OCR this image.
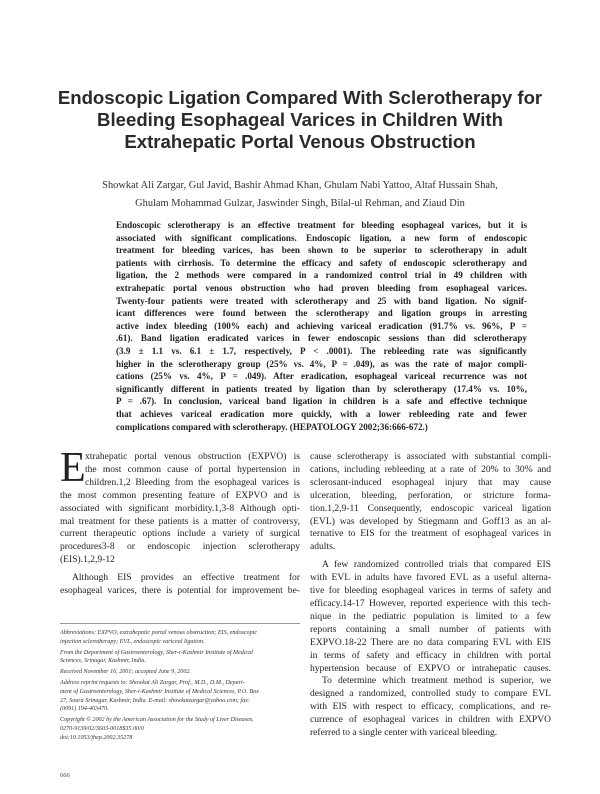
Endoscopic Ligation Compared With Sclerotherapy for
Bleeding Esophageal Varices in Children With
Extrahepatic Portal Venous Obstruction
Showkat Ali Zargar, Gul Javid, Bashir Ahmad Khan, Ghulam Nabi Yattoo, Altaf Hussain Shah,
Ghulam Mohammad Gulzar, Jaswinder Singh, Bilal-ul Rehman, and Ziaud Din
Endoscopic sclerotherapy is an effective treatment for bleeding esophageal varices, but it is
associated with significant complications. Endoscopic ligation, a new form of endoscopic
treatment for bleeding varices, has been shown to be superior to sclerotherapy in adult
patients with cirrhosis. To determine the efficacy and safety of endoscopic sclerotherapy and
ligation, the 2 methods were compared in a randomized control trial in 49 children with
extrahepatic portal venous obstruction who had proven bleeding from esophageal varices.
Twenty-four patients were treated with sclerotherapy and 25 with band ligation. No signif-
icant differences were found between the sclerotherapy and ligation groups in arresting
active index bleeding (100% each) and achieving variceal eradication (91.7% vs. 96%, P =
.61). Band ligation eradicated varices in fewer endoscopic sessions than did sclerotherapy
(3.9 ± 1.1 vs. 6.1 ± 1.7, respectively, P < .0001). The rebleeding rate was significantly
higher in the sclerotherapy group (25% vs. 4%, P = .049), as was the rate of major compli-
cations (25% vs. 4%, P = .049). After eradication, esophageal variceal recurrence was not
significantly different in patients treated by ligation than by sclerotherapy (17.4% vs. 10%,
P = .67). In conclusion, variceal band ligation in children is a safe and effective technique
that achieves variceal eradication more quickly, with a lower rebleeding rate and fewer
complications compared with sclerotherapy. (HEPATOLOGY 2002;36:666-672.)
E xtrahepatic portal venous obstruction (EXPVO) is
the most common cause of portal hypertension in
children.1,2 Bleeding from the esophageal varices is
the most common presenting feature of EXPVO and is
associated with significant morbidity.1,3-8 Although opti-
mal treatment for these patients is a matter of controversy,
current therapeutic options include a variety of surgical
procedures3-8 or endoscopic injection sclerotherapy
(EIS).1,2,9-12
Although EIS provides an effective treatment for
esophageal varices, there is potential for improvement be-
Abbreviations: EXPVO, extrahepatic portal venous obstruction; EIS, endoscopic
injection sclerotherapy; EVL, endoscopic variceal ligation.
From the Department of Gastroenterology, Sher-i-Kashmir Institute of Medical
Sciences, Srinagar, Kashmir, India.
Received November 16, 2001; accepted June 9, 2002.
Address reprint requests to: Showkat Ali Zargar, Prof., M.D., D.M., Depart-
ment of Gastroenterology, Sher-i-Kashmir Institute of Medical Sciences, P.O. Box
27, Soura Srinagar, Kashmir, India. E-mail: showkatzargar@yahoo.com; fax:
(0091) 194-403470.
Copyright © 2002 by the American Association for the Study of Liver Diseases.
0270-9139/02/3603-0018$35.00/0
doi:10.1053/jhep.2002.35278
cause sclerotherapy is associated with substantial compli-
cations, including rebleeding at a rate of 20% to 30% and
sclerosant-induced esophageal injury that may cause
ulceration, bleeding, perforation, or stricture forma-
tion.1,2,9-11 Consequently, endoscopic variceal ligation
(EVL) was developed by Stiegmann and Goff13 as an al-
ternative to EIS for the treatment of esophageal varices in
adults.
A few randomized controlled trials that compared EIS
with EVL in adults have favored EVL as a useful alterna-
tive for bleeding esophageal varices in terms of safety and
efficacy.14-17 However, reported experience with this tech-
nique in the pediatric population is limited to a few
reports containing a small number of patients with
EXPVO.18-22 There are no data comparing EVL with EIS
in terms of safety and efficacy in children with portal
hypertension because of EXPVO or intrahepatic causes.
To determine which treatment method is superior, we
designed a randomized, controlled study to compare EVL
with EIS with respect to efficacy, complications, and re-
currence of esophageal varices in children with EXPVO
referred to a single center with variceal bleeding.
666
